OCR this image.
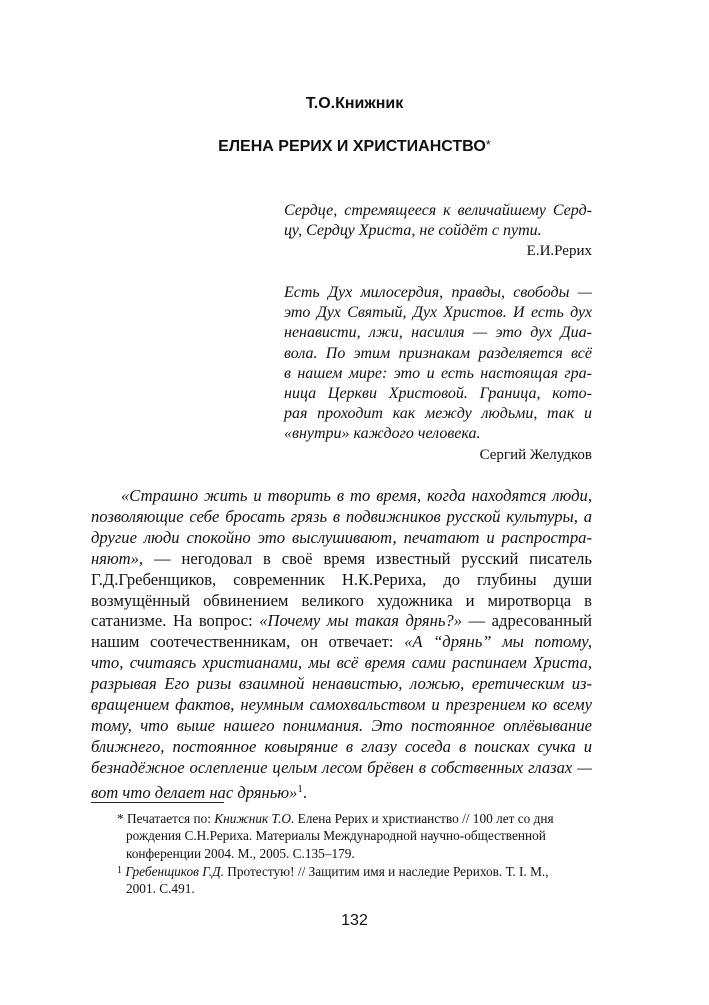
Т.О.Книжник
ЕЛЕНА РЕРИХ И ХРИСТИАНСТВО*
Сердце, стремящееся к величайшему Серд-
цу, Сердцу Христа, не сойдёт с пути.
Е.И.Рерих
Есть Дух милосердия, правды, свободы —
это Дух Святый, Дух Христов. И есть дух
ненависти, лжи, насилия — это дух Диа-
вола. По этим признакам разделяется всё
в нашем мире: это и есть настоящая гра-
ница Церкви Христовой. Граница, кото-
рая проходит как между людьми, так и
«внутри» каждого человека.
Сергий Желудков
«Страшно жить и творить в то время, когда находятся люди,
позволяющие себе бросать грязь в подвижников русской культуры, а
другие люди спокойно это выслушивают, печатают и распростра-
няют», — негодовал в своё время известный русский писатель
Г.Д.Гребенщиков, современник Н.К.Рериха, до глубины души
возмущённый обвинением великого художника и миротворца в
сатанизме. На вопрос: «Почему мы такая дрянь?» — адресованный
нашим соотечественникам, он отвечает: «А “дрянь” мы потому,
что, считаясь христианами, мы всё время сами распинаем Христа,
разрывая Его ризы взаимной ненавистью, ложью, еретическим из-
вращением фактов, неумным самохвальством и презрением ко всему
тому, что выше нашего понимания. Это постоянное оплёвывание
ближнего, постоянное ковыряние в глазу соседа в поисках сучка и
безнадёжное ослепление целым лесом брёвен в собственных глазах —
вот что делает нас дрянью»$^1$.
* Печатается по: Книжник Т.О. Елена Рерих и христианство // 100 лет со дня
рождения С.Н.Рериха. Материалы Международной научно-общественной
конференции 2004. М., 2005. С.135–179.
$^1$ Гребенщиков Г.Д. Протестую! // Защитим имя и наследие Рерихов. Т. I. М.,
2001. С.491.
132
